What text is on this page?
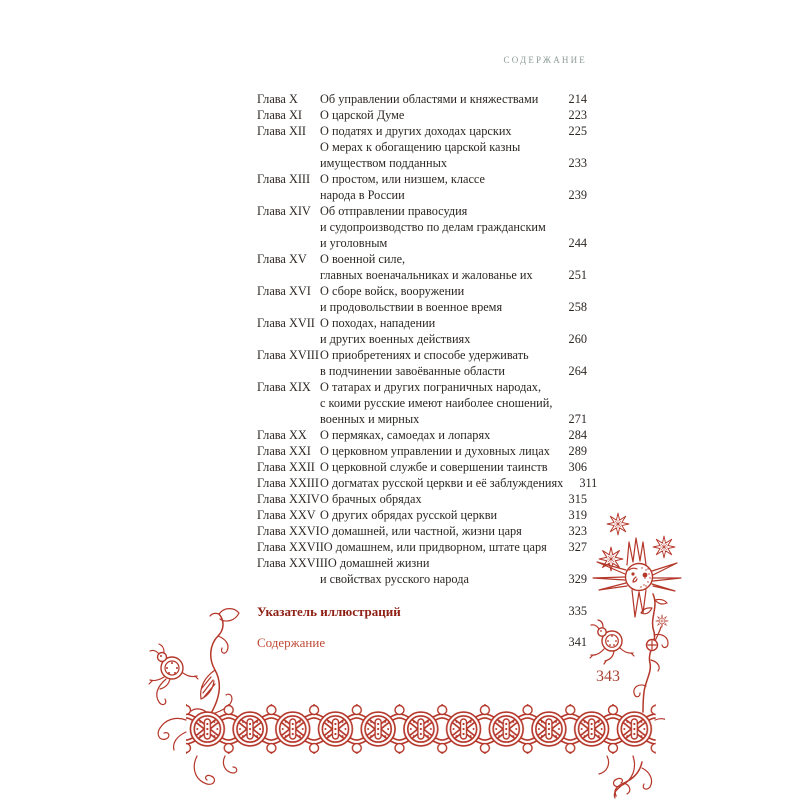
СОДЕРЖАНИЕ
Глава X	Об управлении областями и княжествами	214
Глава XI	О царской Думе	223
Глава XII	О податях и других доходах царских	225
О мерах к обогащению царской казны
имуществом подданных	233
Глава XIII О простом, или низшем, классе
народа в России	239
Глава XIV Об отправлении правосудия
и судопроизводство по делам гражданским
и уголовным	244
Глава XV	О военной силе,
главных военачальниках и жалованье их	251
Глава XVI О сборе войск, вооружении
и продовольствии в военное время	258
Глава XVII О походах, нападении
и других военных действиях	260
Глава XVIII О приобретениях и способе удерживать
в подчинении завоёванные области	264
Глава XIX О татарах и других пограничных народах,
с коими русские имеют наиболее сношений,
военных и мирных	271
Глава XX	О пермяках, самоедах и лопарях	284
Глава XXI О церковном управлении и духовных лицах	289
Глава XXII О церковной службе и совершении таинств	306
Глава XXIII О догматах русской церкви и её заблуждениях	311
Глава XXIV О брачных обрядах	315
Глава XXV О других обрядах русской церкви	319
Глава XXVI О домашней, или частной, жизни царя	323
Глава XXVII О домашнем, или придворном, штате царя	327
Глава XXVIII О домашней жизни
и свойствах русского народа	329
Указатель иллюстраций	335
Содержание	341
343
